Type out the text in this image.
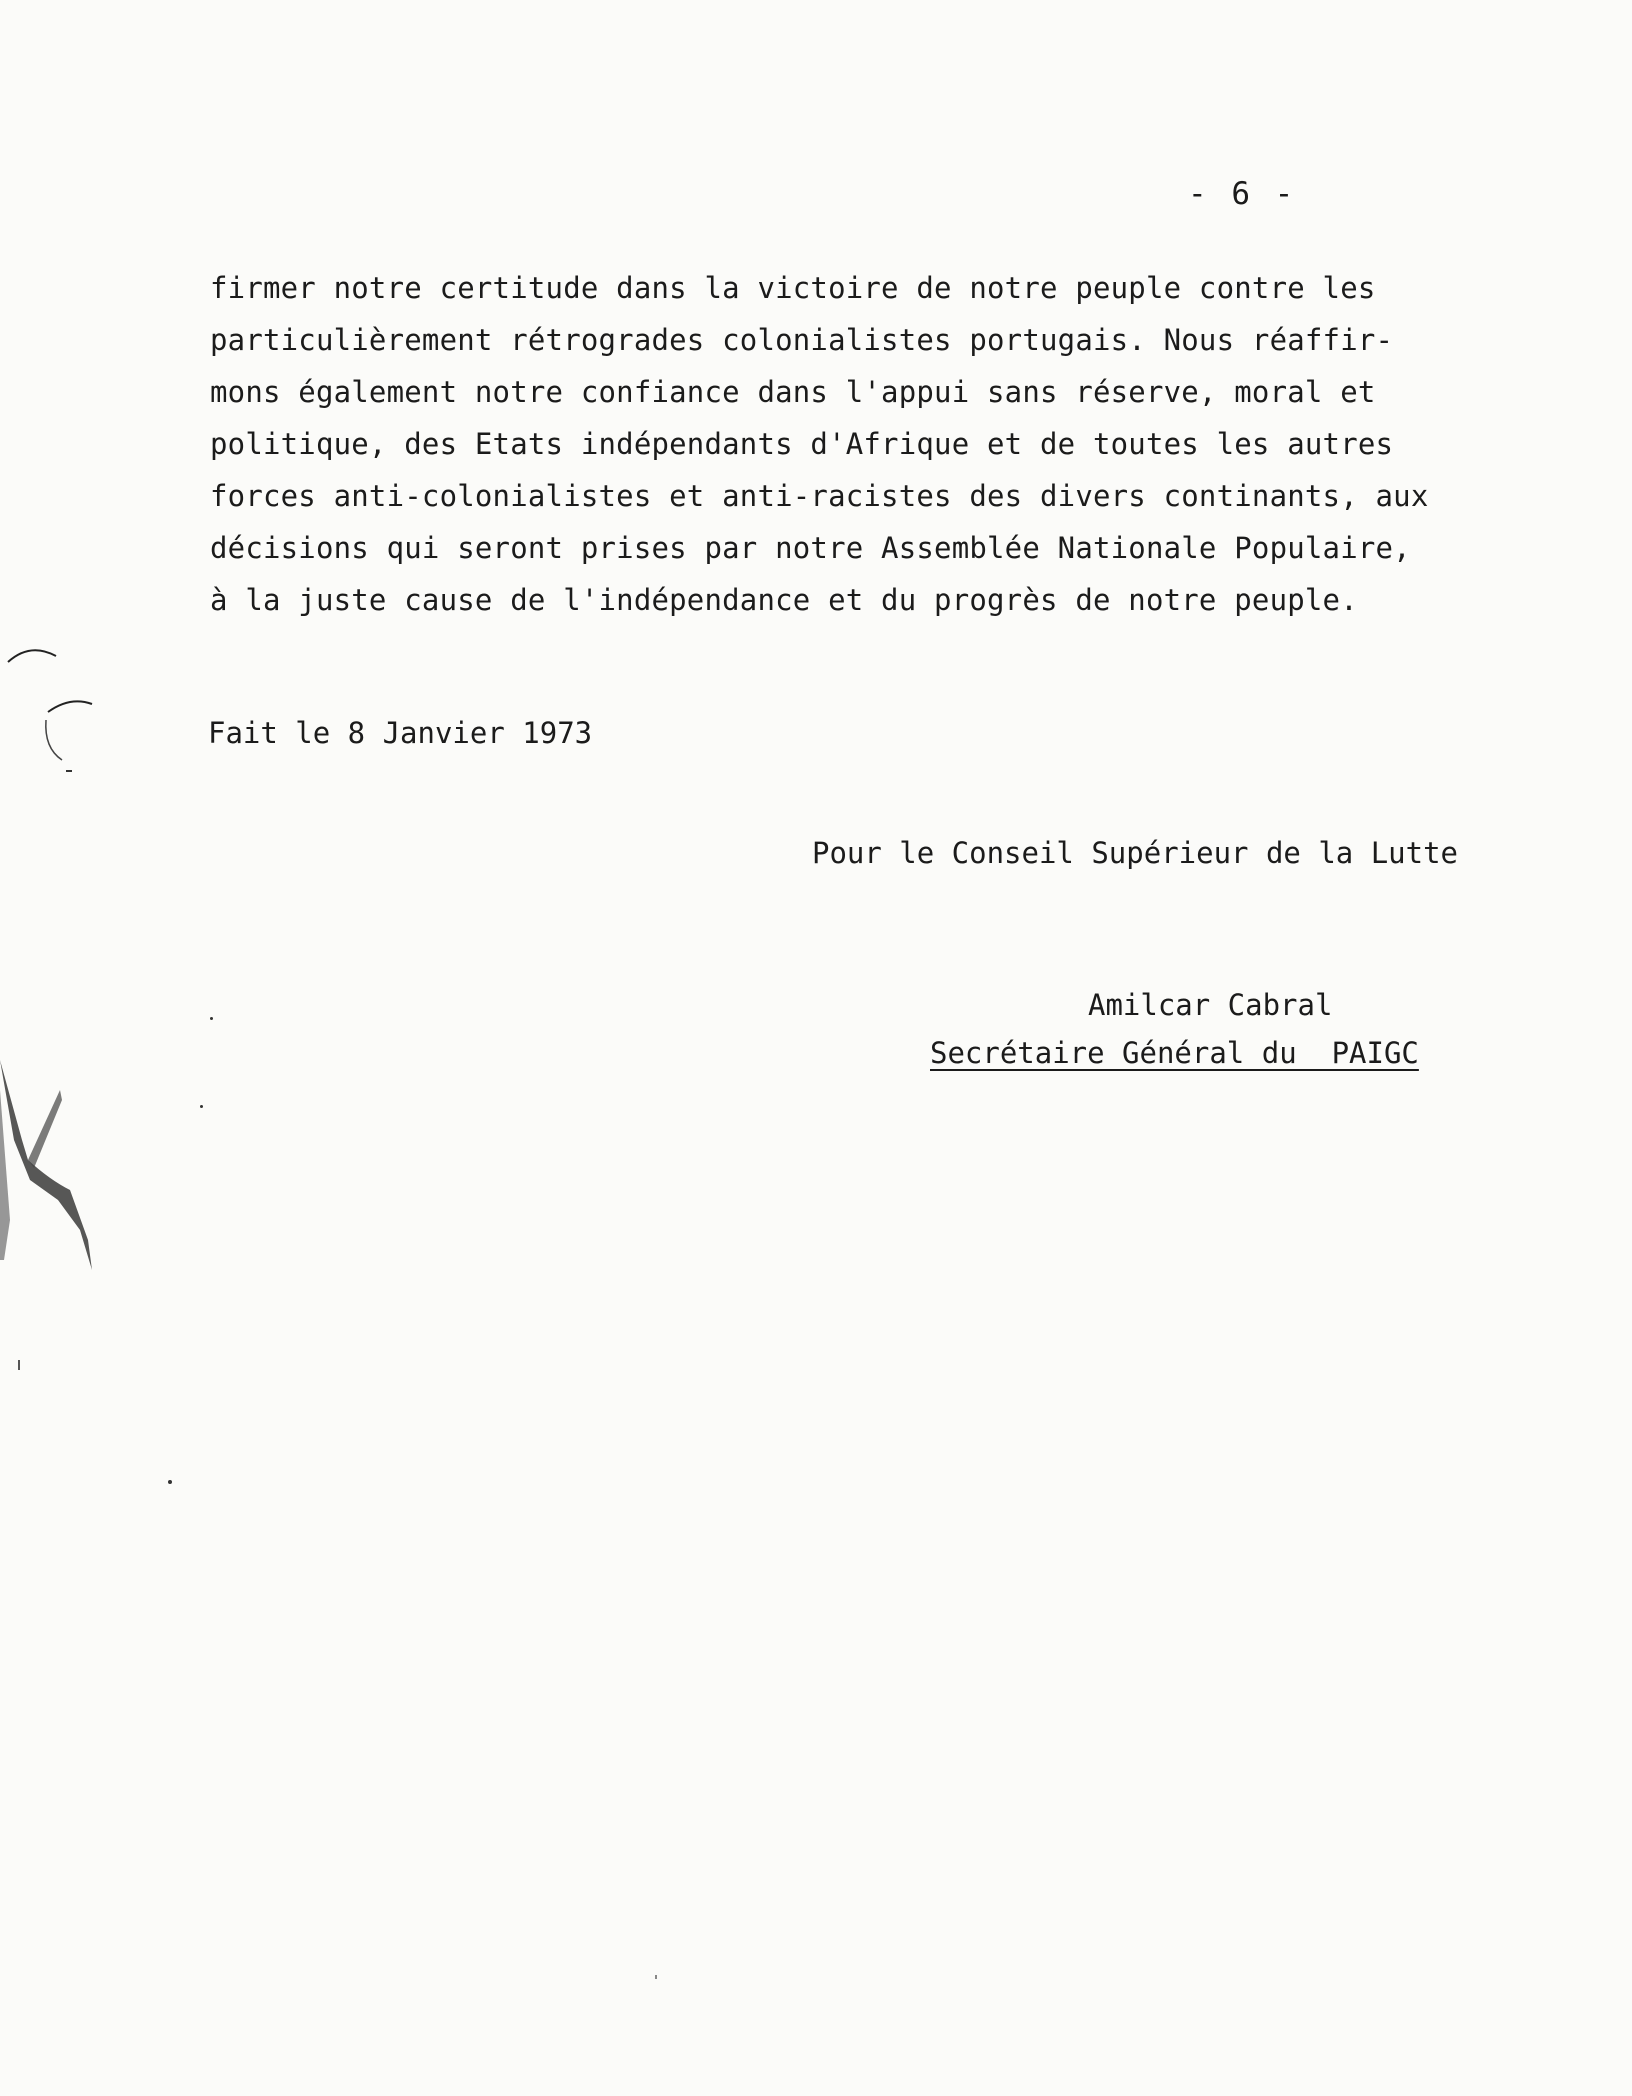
- 6 -
firmer notre certitude dans la victoire de notre peuple contre les
particulièrement rétrogrades colonialistes portugais. Nous réaffir-
mons également notre confiance dans l'appui sans réserve, moral et
politique, des Etats indépendants d'Afrique et de toutes les autres
forces anti-colonialistes et anti-racistes des divers continants, aux
décisions qui seront prises par notre Assemblée Nationale Populaire,
à la juste cause de l'indépendance et du progrès de notre peuple.
Fait le 8 Janvier 1973
Pour le Conseil Supérieur de la Lutte
Amilcar Cabral
Secrétaire Général du  PAIGC
